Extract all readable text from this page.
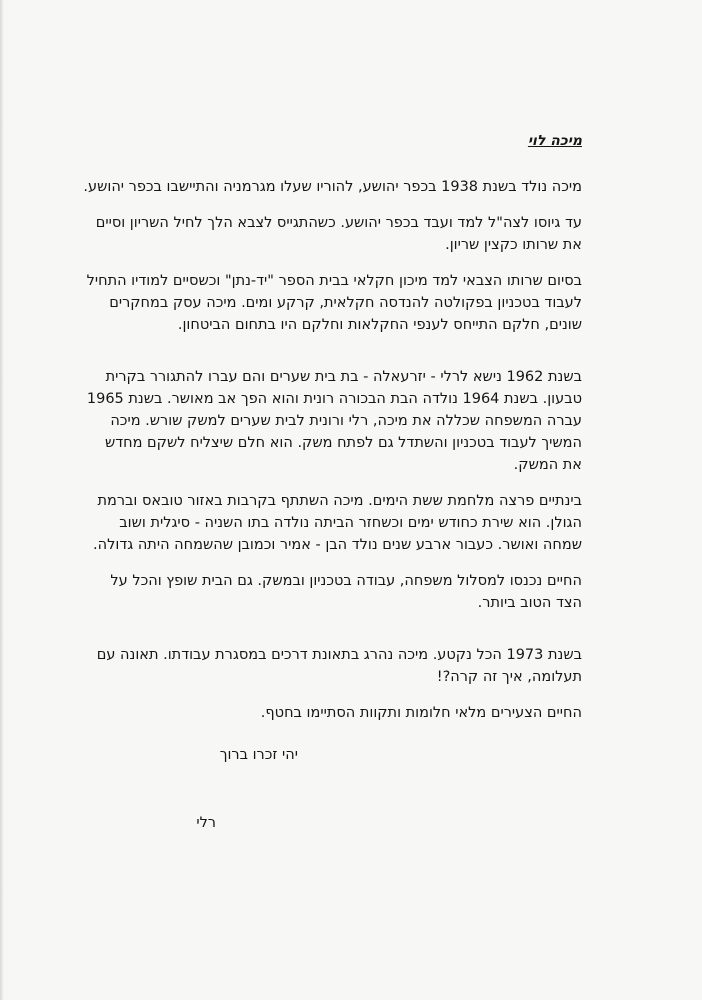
מיכה לוי

מיכה נולד בשנת 1938 בכפר יהושע, להוריו שעלו מגרמניה והתיישבו בכפר יהושע.

עד גיוסו לצה"ל למד ועבד בכפר יהושע. כשהתגייס לצבא הלך לחיל השריון וסיים את שרותו כקצין שריון.

בסיום שרותו הצבאי למד מיכון חקלאי בבית הספר "יד-נתן" וכשסיים למודיו התחיל לעבוד בטכניון בפקולטה להנדסה חקלאית, קרקע ומים. מיכה עסק במחקרים שונים, חלקם התייחס לענפי החקלאות וחלקם היו בתחום הביטחון.

בשנת 1962 נישא לרלי - יזרעאלה - בת בית שערים והם עברו להתגורר בקרית טבעון. בשנת 1964 נולדה הבת הבכורה רונית והוא הפך אב מאושר. בשנת 1965 עברה המשפחה שכללה את מיכה, רלי ורונית לבית שערים למשק שורש. מיכה המשיך לעבוד בטכניון והשתדל גם לפתח משק. הוא חלם שיצליח לשקם מחדש את המשק.

בינתיים פרצה מלחמת ששת הימים. מיכה השתתף בקרבות באזור טובאס וברמת הגולן. הוא שירת כחודש ימים וכשחזר הביתה נולדה בתו השניה - סיגלית ושוב שמחה ואושר. כעבור ארבע שנים נולד הבן - אמיר וכמובן שהשמחה היתה גדולה.

החיים נכנסו למסלול משפחה, עבודה בטכניון ובמשק. גם הבית שופץ והכל על הצד הטוב ביותר.

בשנת 1973 הכל נקטע. מיכה נהרג בתאונת דרכים במסגרת עבודתו. תאונה עם תעלומה, איך זה קרה?!

החיים הצעירים מלאי חלומות ותקוות הסתיימו בחטף.

יהי זכרו ברוך
רלי
